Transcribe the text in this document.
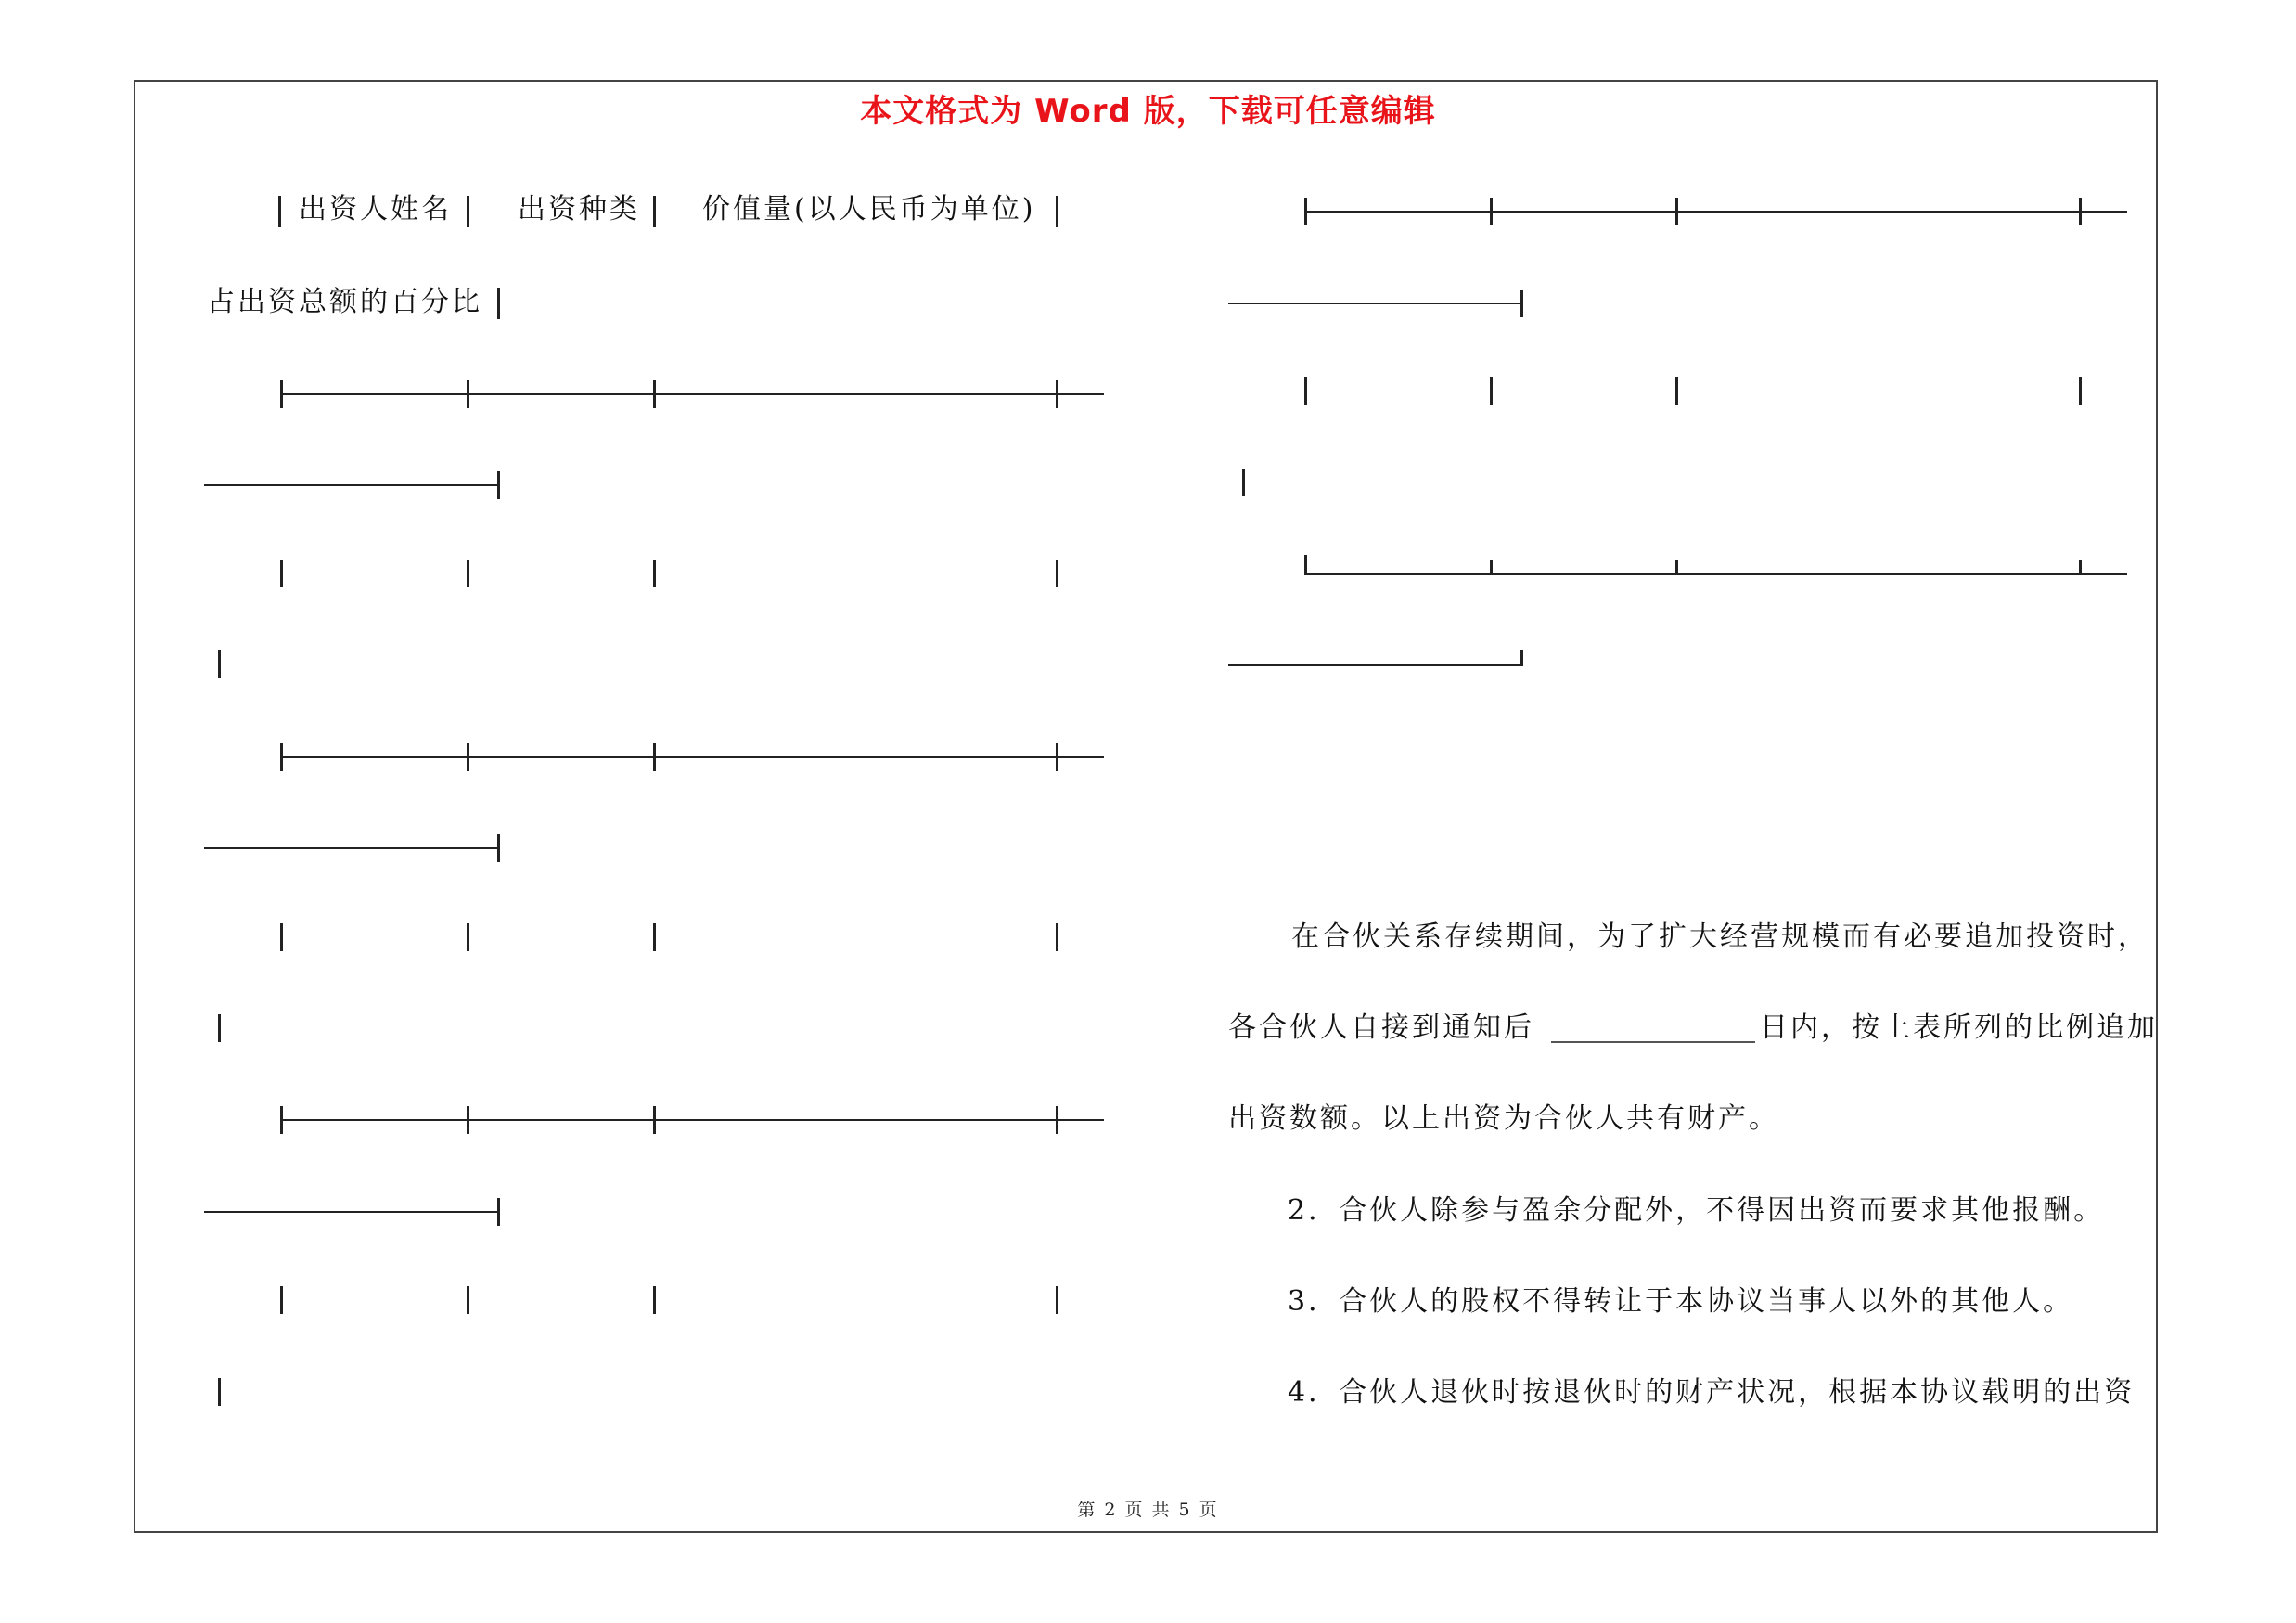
本文格式为 Word 版，下载可任意编辑
出资人姓名 出资种类 价值量(以人民币为单位)
占出资总额的百分比
在合伙关系存续期间，为了扩大经营规模而有必要追加投资时，
各合伙人自接到通知后	日内，按上表所列的比例追加
出资数额。以上出资为合伙人共有财产。
2．合伙人除参与盈余分配外，不得因出资而要求其他报酬。
3．合伙人的股权不得转让于本协议当事人以外的其他人。
4．合伙人退伙时按退伙时的财产状况，根据本协议载明的出资
第 2 页 共 5 页
